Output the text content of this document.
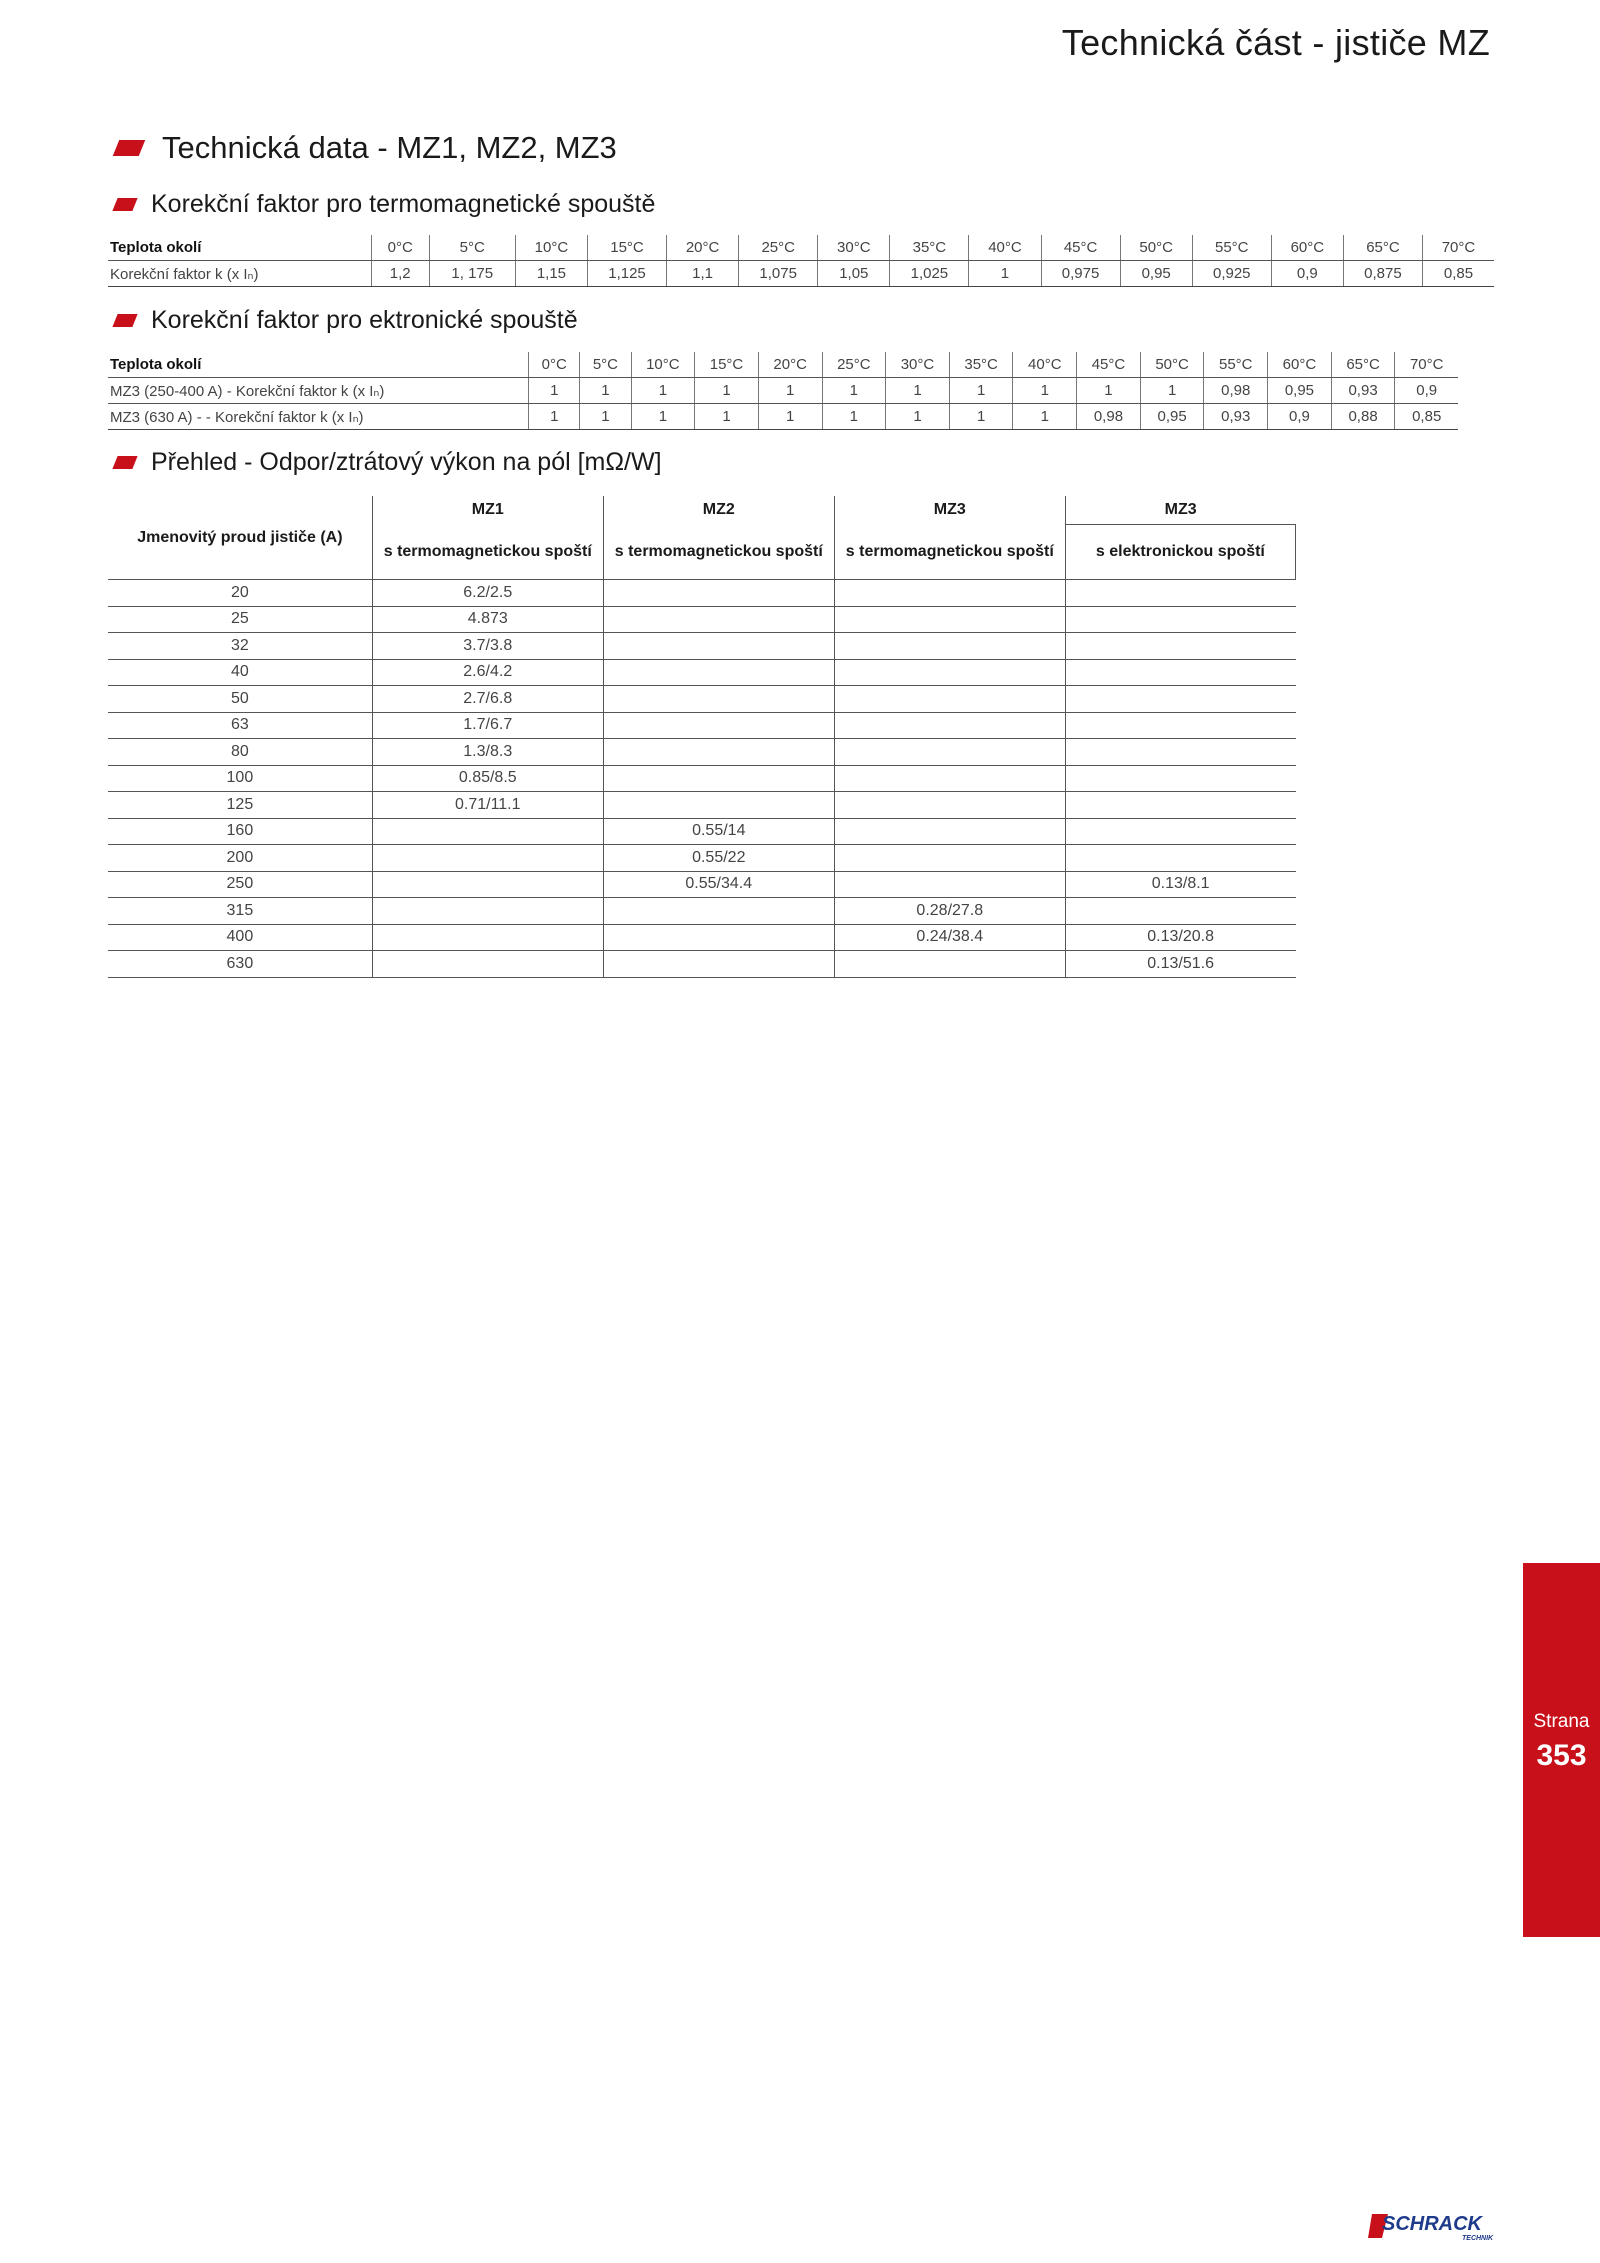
Technická část - jističe MZ
Technická data - MZ1, MZ2, MZ3
Korekční faktor pro termomagnetické spouště
Teplota okolí	0°C	5°C	10°C	15°C	20°C	25°C	30°C	35°C	40°C	45°C	50°C	55°C	60°C	65°C	70°C
Korekční faktor k (x Iₙ)	1,2	1, 175	1,15	1,125	1,1	1,075	1,05	1,025	1	0,975	0,95	0,925	0,9	0,875	0,85
Korekční faktor pro ektronické spouště
Teplota okolí	0°C	5°C	10°C	15°C	20°C	25°C	30°C	35°C	40°C	45°C	50°C	55°C	60°C	65°C	70°C
MZ3 (250-400 A) - Korekční faktor k (x Iₙ)	1	1	1	1	1	1	1	1	1	1	1	0,98	0,95	0,93	0,9
MZ3 (630 A) - - Korekční faktor k (x Iₙ)	1	1	1	1	1	1	1	1	1	0,98	0,95	0,93	0,9	0,88	0,85
Přehled - Odpor/ztrátový výkon na pól [mΩ/W]
Jmenovitý proud jističe (A)	MZ1	MZ2	MZ3	MZ3
	s termomagnetickou spoští	s termomagnetickou spoští	s termomagnetickou spoští	s elektronickou spoští
20	6.2/2.5			
25	4.873			
32	3.7/3.8			
40	2.6/4.2			
50	2.7/6.8			
63	1.7/6.7			
80	1.3/8.3			
100	0.85/8.5			
125	0.71/11.1			
160		0.55/14		
200		0.55/22		
250		0.55/34.4		0.13/8.1
315			0.28/27.8	
400			0.24/38.4	0.13/20.8
630				0.13/51.6
Strana
353
SCHRACK
TECHNIK
